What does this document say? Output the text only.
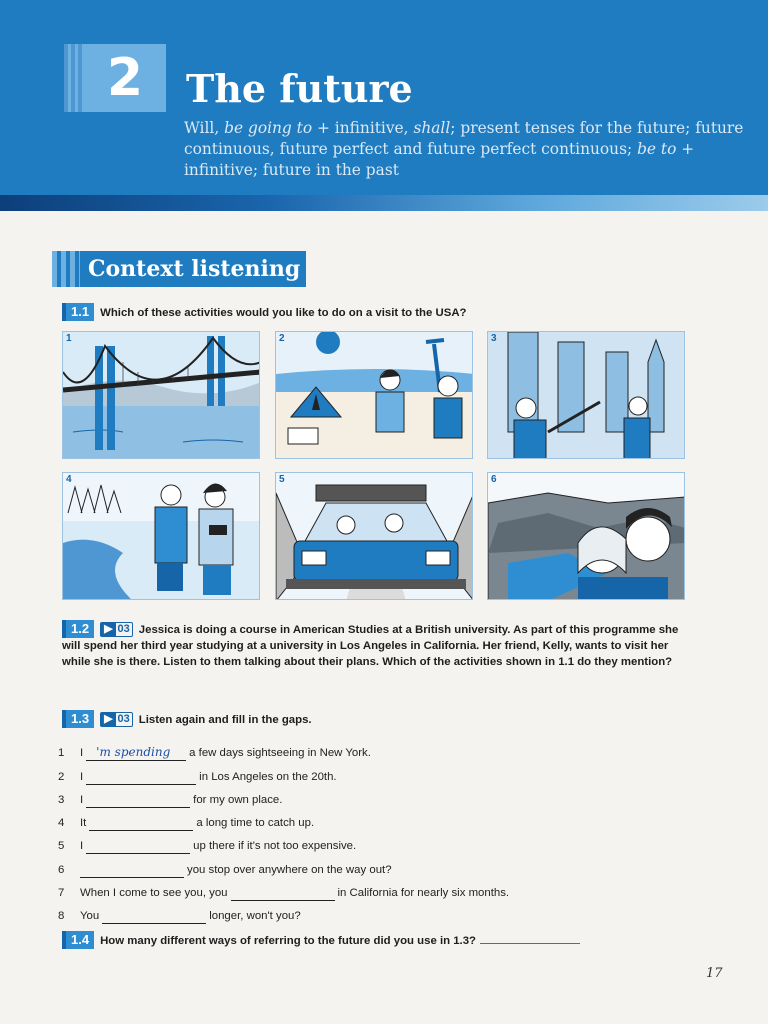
2	The future
Will, be going to + infinitive, shall; present tenses for the future; future continuous, future perfect and future perfect continuous; be to + infinitive; future in the past
Context listening
1.1 Which of these activities would you like to do on a visit to the USA?
1	2	3
4	5	6
1.2 ▶ 03 Jessica is doing a course in American Studies at a British university. As part of this programme she will spend her third year studying at a university in Los Angeles in California. Her friend, Kelly, wants to visit her while she is there. Listen to them talking about their plans. Which of the activities shown in 1.1 do they mention?
1.3 ▶ 03 Listen again and fill in the gaps.
1	I 'm spending a few days sightseeing in New York.
2	I	in Los Angeles on the 20th.
3	I	for my own place.
4	It	a long time to catch up.
5	I	up there if it's not too expensive.
6	you stop over anywhere on the way out?
7	When I come to see you, you	in California for nearly six months.
8	You	longer, won't you?
1.4 How many different ways of referring to the future did you use in 1.3?
17
